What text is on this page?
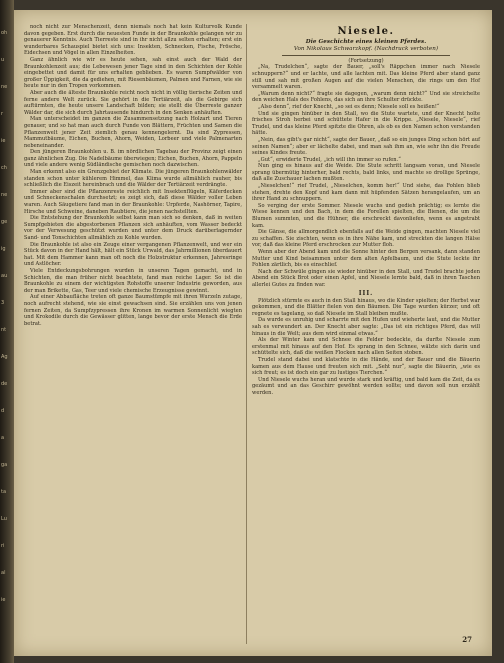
oh
u
ne
r
ie
ch
ne
ge
ig
au
3
nt
Ag
de
d
a
ga
ta
Lu
ri
al
ie

noch nicht zur Menschenzeit, denn niemals noch hat kein Kulturvolk Kunde davon gegeben. Erst durch die neuesten Funde in der Braunkohle gelangen wir zu genauerer Kenntnis. Auch Tierreste sind in ihr nicht allzu selten erhalten; erst ein wunderbares Schauspiel bietet sich uns: Insekten, Schnecken, Fische, Frösche, Eidechsen und Vögel in allen Einzelheiten.

Ganz ähnlich wie wir es heute sehen, sah einst auch der Wald der Braunkohlenzeit aus; die Lebewesen jener Tage sind in den Schichten der Kohle eingebettet und damit für uns erhalten geblieben. Es waren Sumpfwälder von großer Üppigkeit, die da gediehen, mit Riesenbäumen, Palmen und Farnen, wie sie heute nur in den Tropen vorkommen.

Aber auch die älteste Braunkohle reicht noch nicht in völlig tierische Zeiten und ferne andere Welt zurück. Sie gehört in die Tertiärzeit, als die Gebirge sich auftürmten, die heute unsere Landschaft bilden; sie stellt die Überreste ganzer Wälder dar, die sich durch Jahrtausende hindurch in den Senken anhäuften.

Man unterscheidet im ganzen die Zusammensetzung nach Holzart und Tieren genauer, und so hat man auch durch Funde von Blättern, Früchten und Samen die Pflanzenwelt jener Zeit ziemlich genau kennengelernt. Da sind Zypressen, Mammutbäume, Eichen, Buchen, Ahorn, Weiden, Lorbeer und viele Palmenarten nebeneinander.

Den jüngeren Braunkohlen u. B. im nördlichen Tagebau der Provinz zeigt einen ganz ähnlichen Zug. Die Nadelbäume überwiegen; Eichen, Buchen, Ahorn, Pappeln und viele andere wenig Südländische gemischen noch dazwischen.

Man erkennt also ein Grenzgebiet der Klimate. Die jüngeren Braunkohlenwälder standen schon unter kühlerem Himmel, das Klima wurde allmählich rauher, bis schließlich die Eiszeit hereinbrach und die Wälder der Tertiärzeit verdrängte.

Immer aber sind die Pflanzenreste reichlich mit Insektenflügeln, Käferdecken und Schneckenschalen durchsetzt; es zeigt sich, daß diese Wälder voller Leben waren. Auch Säugetiere fand man in der Braunkohle: Urpferde, Nashörner, Tapire, Hirsche und Schweine, daneben Raubtiere, die jenen nachstellten.

Die Entstehung der Braunkohle selbst kann man sich so denken, daß in weiten Sumpfgebieten die abgestorbenen Pflanzen sich anhäuften, vom Wasser bedeckt vor der Verwesung geschützt wurden und unter dem Druck darüberlagernder Sand- und Tonschichten allmählich zu Kohle wurden.

Die Braunkohle ist also ein Zeuge einer vergangenen Pflanzenwelt, und wer ein Stück davon in der Hand hält, hält ein Stück Urwald, das Jahrmillionen überdauert hat. Mit dem Hammer kann man oft noch die Holzstruktur erkennen, Jahresringe und Astlöcher.

Viele Entdeckungsbohrungen wurden in unseren Tagen gemacht, und in Schichten, die man früher nicht beachtete, fand man reiche Lager. So ist die Braunkohle zu einem der wichtigsten Rohstoffe unserer Industrie geworden, aus der man Brikette, Gas, Teer und viele chemische Erzeugnisse gewinnt.

Auf einer Abbaufläche treten oft ganze Baumstümpfe mit ihren Wurzeln zutage, noch aufrecht stehend, wie sie einst gewachsen sind. Sie erzählen uns von jenen fernen Zeiten, da Sumpfzypressen ihre Kronen im warmen Sonnenlicht wiegten und Krokodile durch die Gewässer glitten, lange bevor der erste Mensch die Erde betrat.

Niesele.
Die Geschichte eines kleinen Pferdes.
Von Nikolaus Schwarzkopf. (Nachdruck verboten)

(Fortsetzung)

„Na, Trudelchen“, sagte der Bauer, „soll's Räppchen immer nach Niesele schnuppern?“ und er lachte, und alle lachten mit. Das kleine Pferd aber stand ganz still und sah mit großen Augen auf die vielen Menschen, die rings um den Hof versammelt waren.

„Warum denn nicht?“ fragte sie dagegen, „warum denn nicht?“ Und sie streichelte den weichen Hals des Fohlens, das sich an ihre Schulter drückte.

„Also denn“, rief der Knecht, „so sei es denn; Niesele soll es heißen!“

Und sie gingen hinüber in den Stall, wo die Stute wartete, und der Knecht holte frisches Stroh herbei und schüttete Hafer in die Krippe. „Niesele, Niesele“, rief Trudel, und das kleine Pferd spitzte die Ohren, als ob es den Namen schon verstanden hätte.

„Nein, das gibt's gar nicht“, sagte der Bauer, „daß so ein junges Ding schon hört auf seinen Namen“; aber er lächelte dabei, und man sah ihm an, wie sehr ihn die Freude seines Kindes freute.

„Gut“, erwiderte Trudel, „ich will ihn immer so rufen.“

Nun ging es hinaus auf die Weide. Die Stute schritt langsam voran, und Niesele sprang übermütig hinterher, bald rechts, bald links, und machte so drollige Sprünge, daß alle Zuschauer lachen mußten.

„Nieselchen!“ rief Trudel, „Nieselchen, komm her!“ Und siehe, das Fohlen blieb stehen, drehte den Kopf und kam dann mit hüpfenden Sätzen herangelaufen, um an ihrer Hand zu schnuppern.

So verging der erste Sommer. Niesele wuchs und gedieh prächtig; es lernte die Wiese kennen und den Bach, in dem die Forellen spielten, die Bienen, die um die Blumen summten, und die Hühner, die erschreckt davonliefen, wenn es angetrabt kam.

Die Gänse, die allmorgendlich ebenfalls auf die Weide gingen, machten Niesele viel zu schaffen. Sie zischten, wenn es in ihre Nähe kam, und streckten die langen Hälse vor, daß das kleine Pferd erschrocken zur Mutter floh.

Wenn aber der Abend kam und die Sonne hinter den Bergen versank, dann standen Mutter und Kind beisammen unter dem alten Apfelbaum, und die Stute leckte ihr Fohlen zärtlich, bis es einschlief.

Nach der Schwüle gingen sie wieder hinüber in den Stall, und Trudel brachte jeden Abend ein Stück Brot oder einen Apfel, und Niesele lernte bald, daß in ihren Taschen allerlei Gutes zu finden war.

III.

Plötzlich stürmte es auch in den Stall hinaus, wo die Kinder spielten; der Herbst war gekommen, und die Blätter fielen von den Bäumen. Die Tage wurden kürzer, und oft regnete es tagelang, so daß Niesele im Stall bleiben mußte.

Da wurde es unruhig und scharrte mit den Hufen und wieherte laut, und die Mutter sah es verwundert an. Der Knecht aber sagte: „Das ist ein richtiges Pferd, das will hinaus in die Welt; aus dem wird einmal etwas.“

Als der Winter kam und Schnee die Felder bedeckte, da durfte Niesele zum erstenmal mit hinaus auf den Hof. Es sprang in den Schnee, wälzte sich darin und schüttelte sich, daß die weißen Flocken nach allen Seiten stoben.

Trudel stand dabei und klatschte in die Hände, und der Bauer und die Bäuerin kamen aus dem Hause und freuten sich mit. „Seht nur“, sagte die Bäuerin, „wie es sich freut; es ist doch ein gar zu lustiges Tierchen.“

Und Niesele wuchs heran und wurde stark und kräftig, und bald kam die Zeit, da es gezäumt und an das Geschirr gewöhnt werden sollte; und davon soll nun erzählt werden.

27
